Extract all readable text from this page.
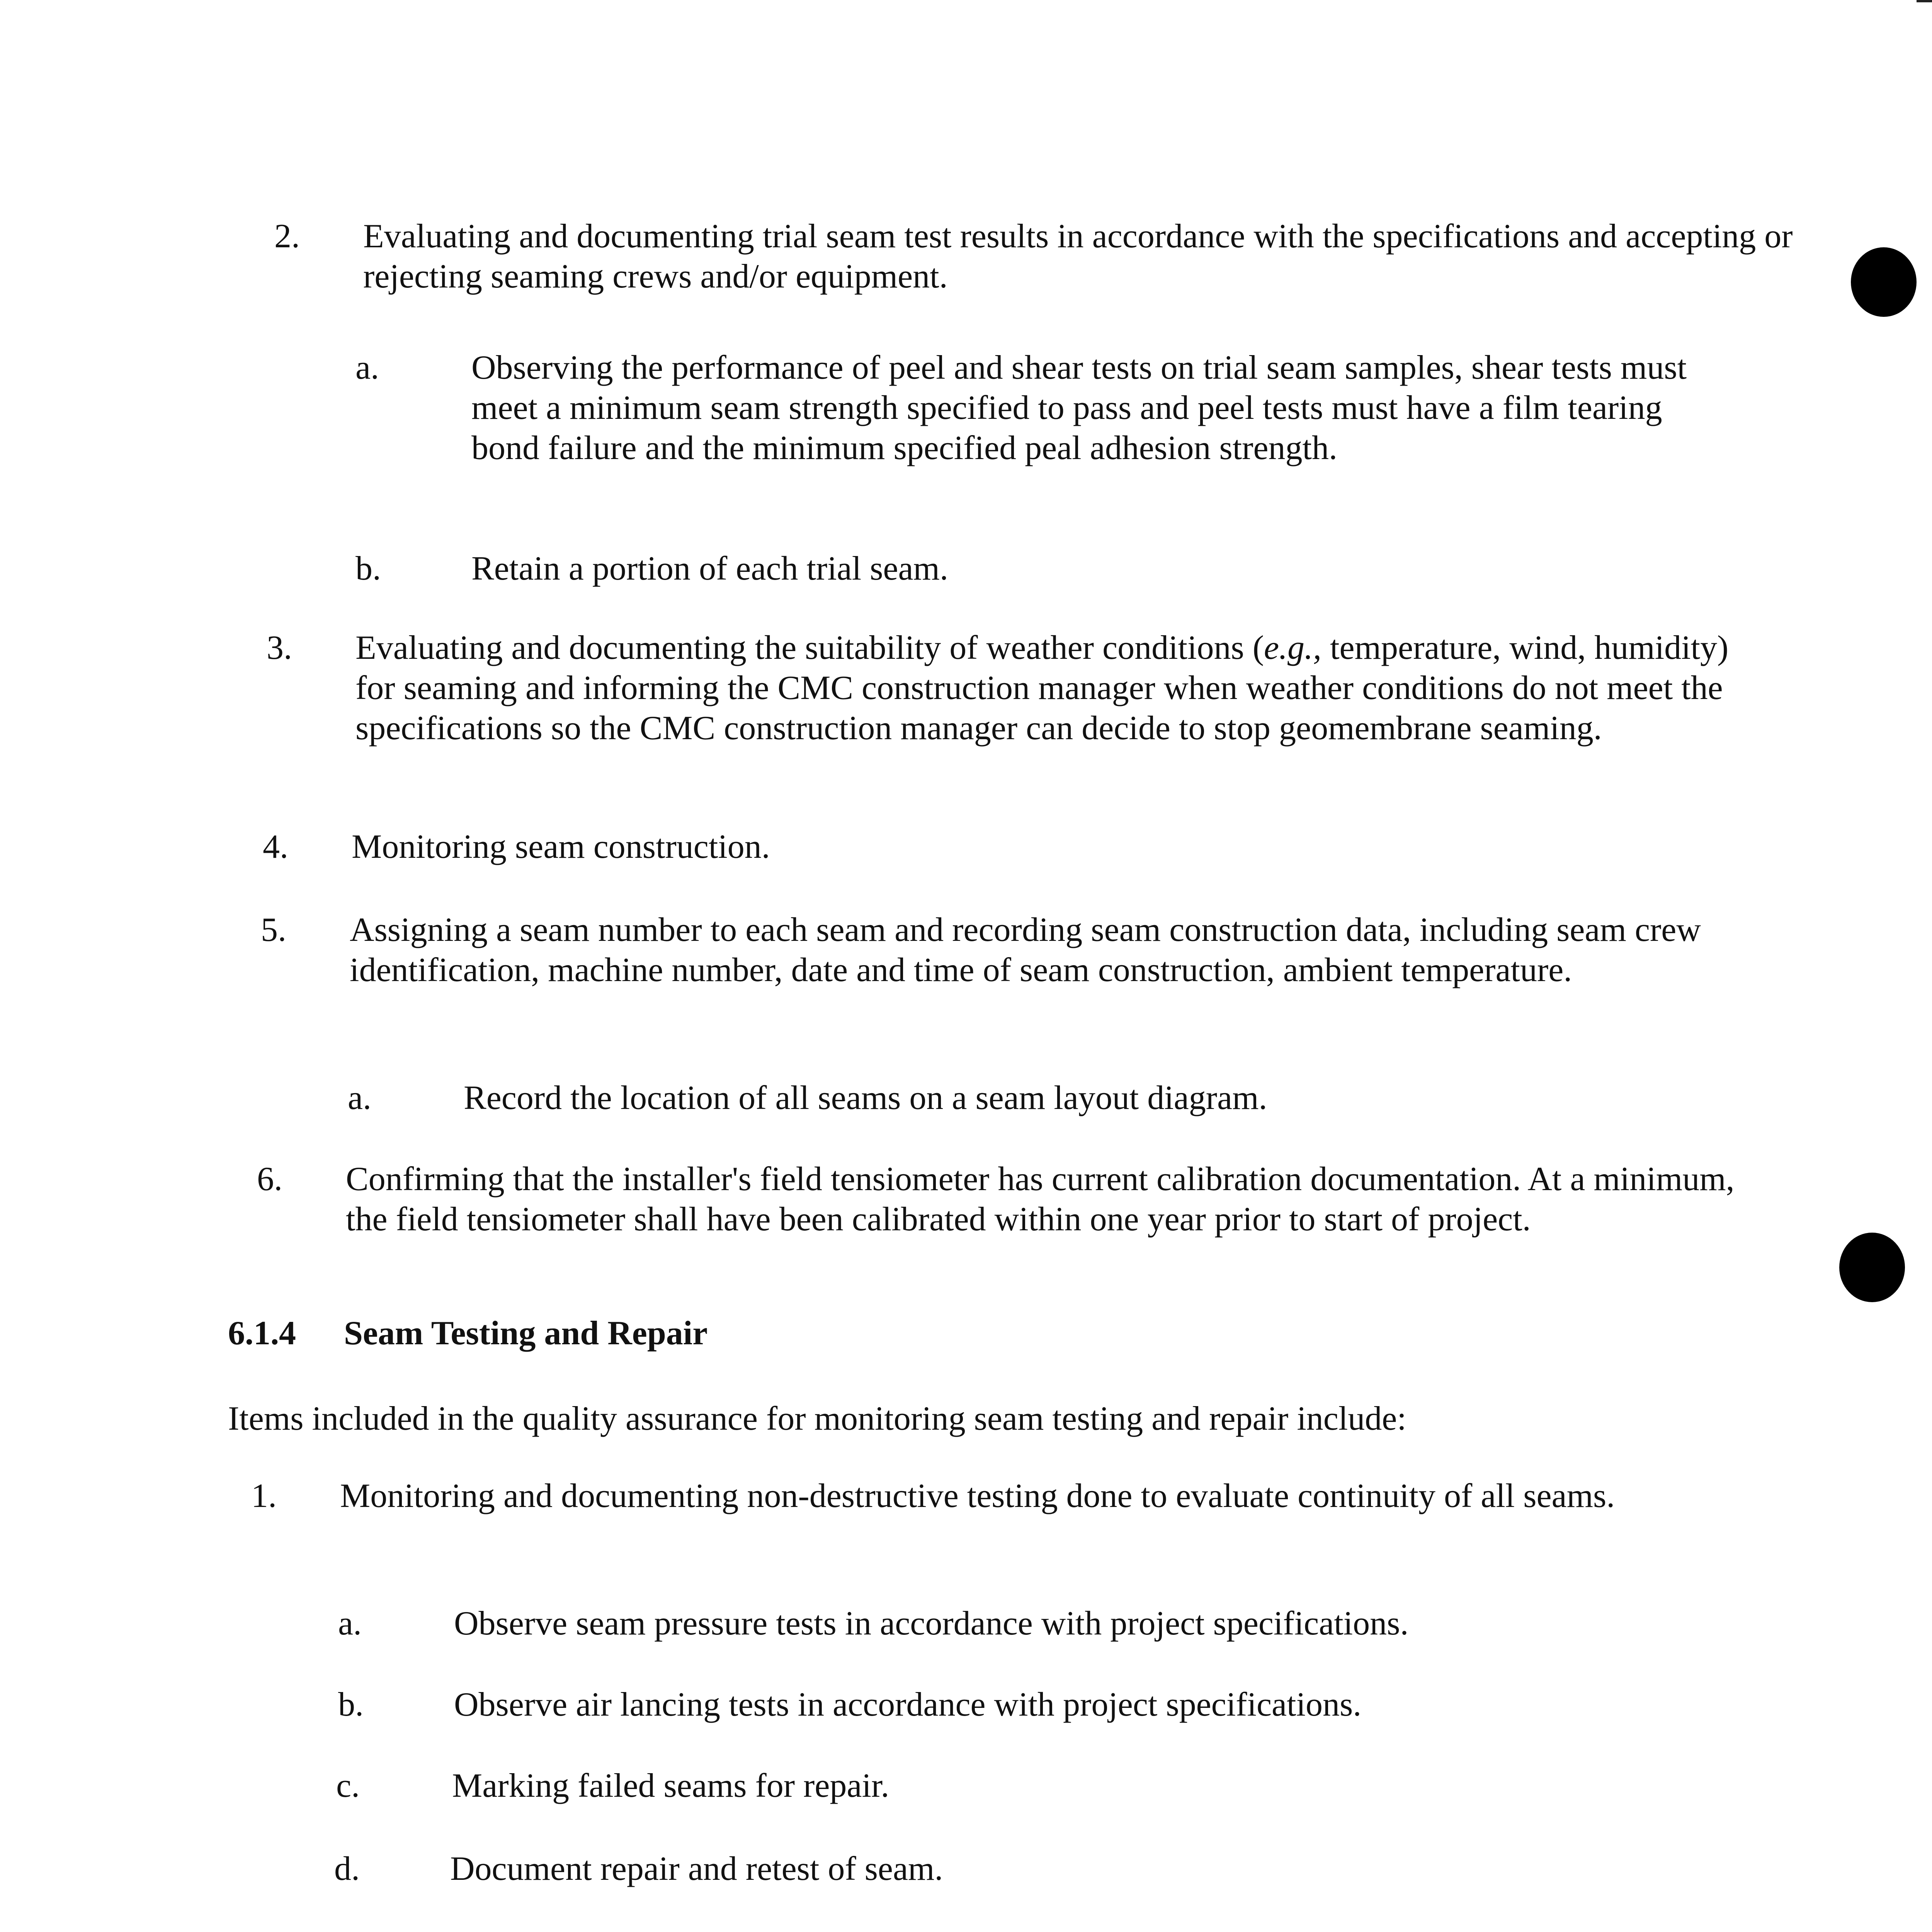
2. Evaluating and documenting trial seam test results in accordance with the specifications and accepting or rejecting seaming crews and/or equipment.
a.	Observing the performance of peel and shear tests on trial seam samples, shear tests must meet a minimum seam strength specified to pass and peel tests must have a film tearing bond failure and the minimum specified peal adhesion strength.
b.	Retain a portion of each trial seam.
3. Evaluating and documenting the suitability of weather conditions (e.g., temperature, wind, humidity) for seaming and informing the CMC construction manager when weather conditions do not meet the specifications so the CMC construction manager can decide to stop geomembrane seaming.
4. Monitoring seam construction.
5. Assigning a seam number to each seam and recording seam construction data, including seam crew identification, machine number, date and time of seam construction, ambient temperature.
a.	Record the location of all seams on a seam layout diagram.
6. Confirming that the installer's field tensiometer has current calibration documentation. At a minimum, the field tensiometer shall have been calibrated within one year prior to start of project.
6.1.4 Seam Testing and Repair
Items included in the quality assurance for monitoring seam testing and repair include:
1. Monitoring and documenting non-destructive testing done to evaluate continuity of all seams.
a.	Observe seam pressure tests in accordance with project specifications.
b.	Observe air lancing tests in accordance with project specifications.
c.	Marking failed seams for repair.
d.	Document repair and retest of seam.
